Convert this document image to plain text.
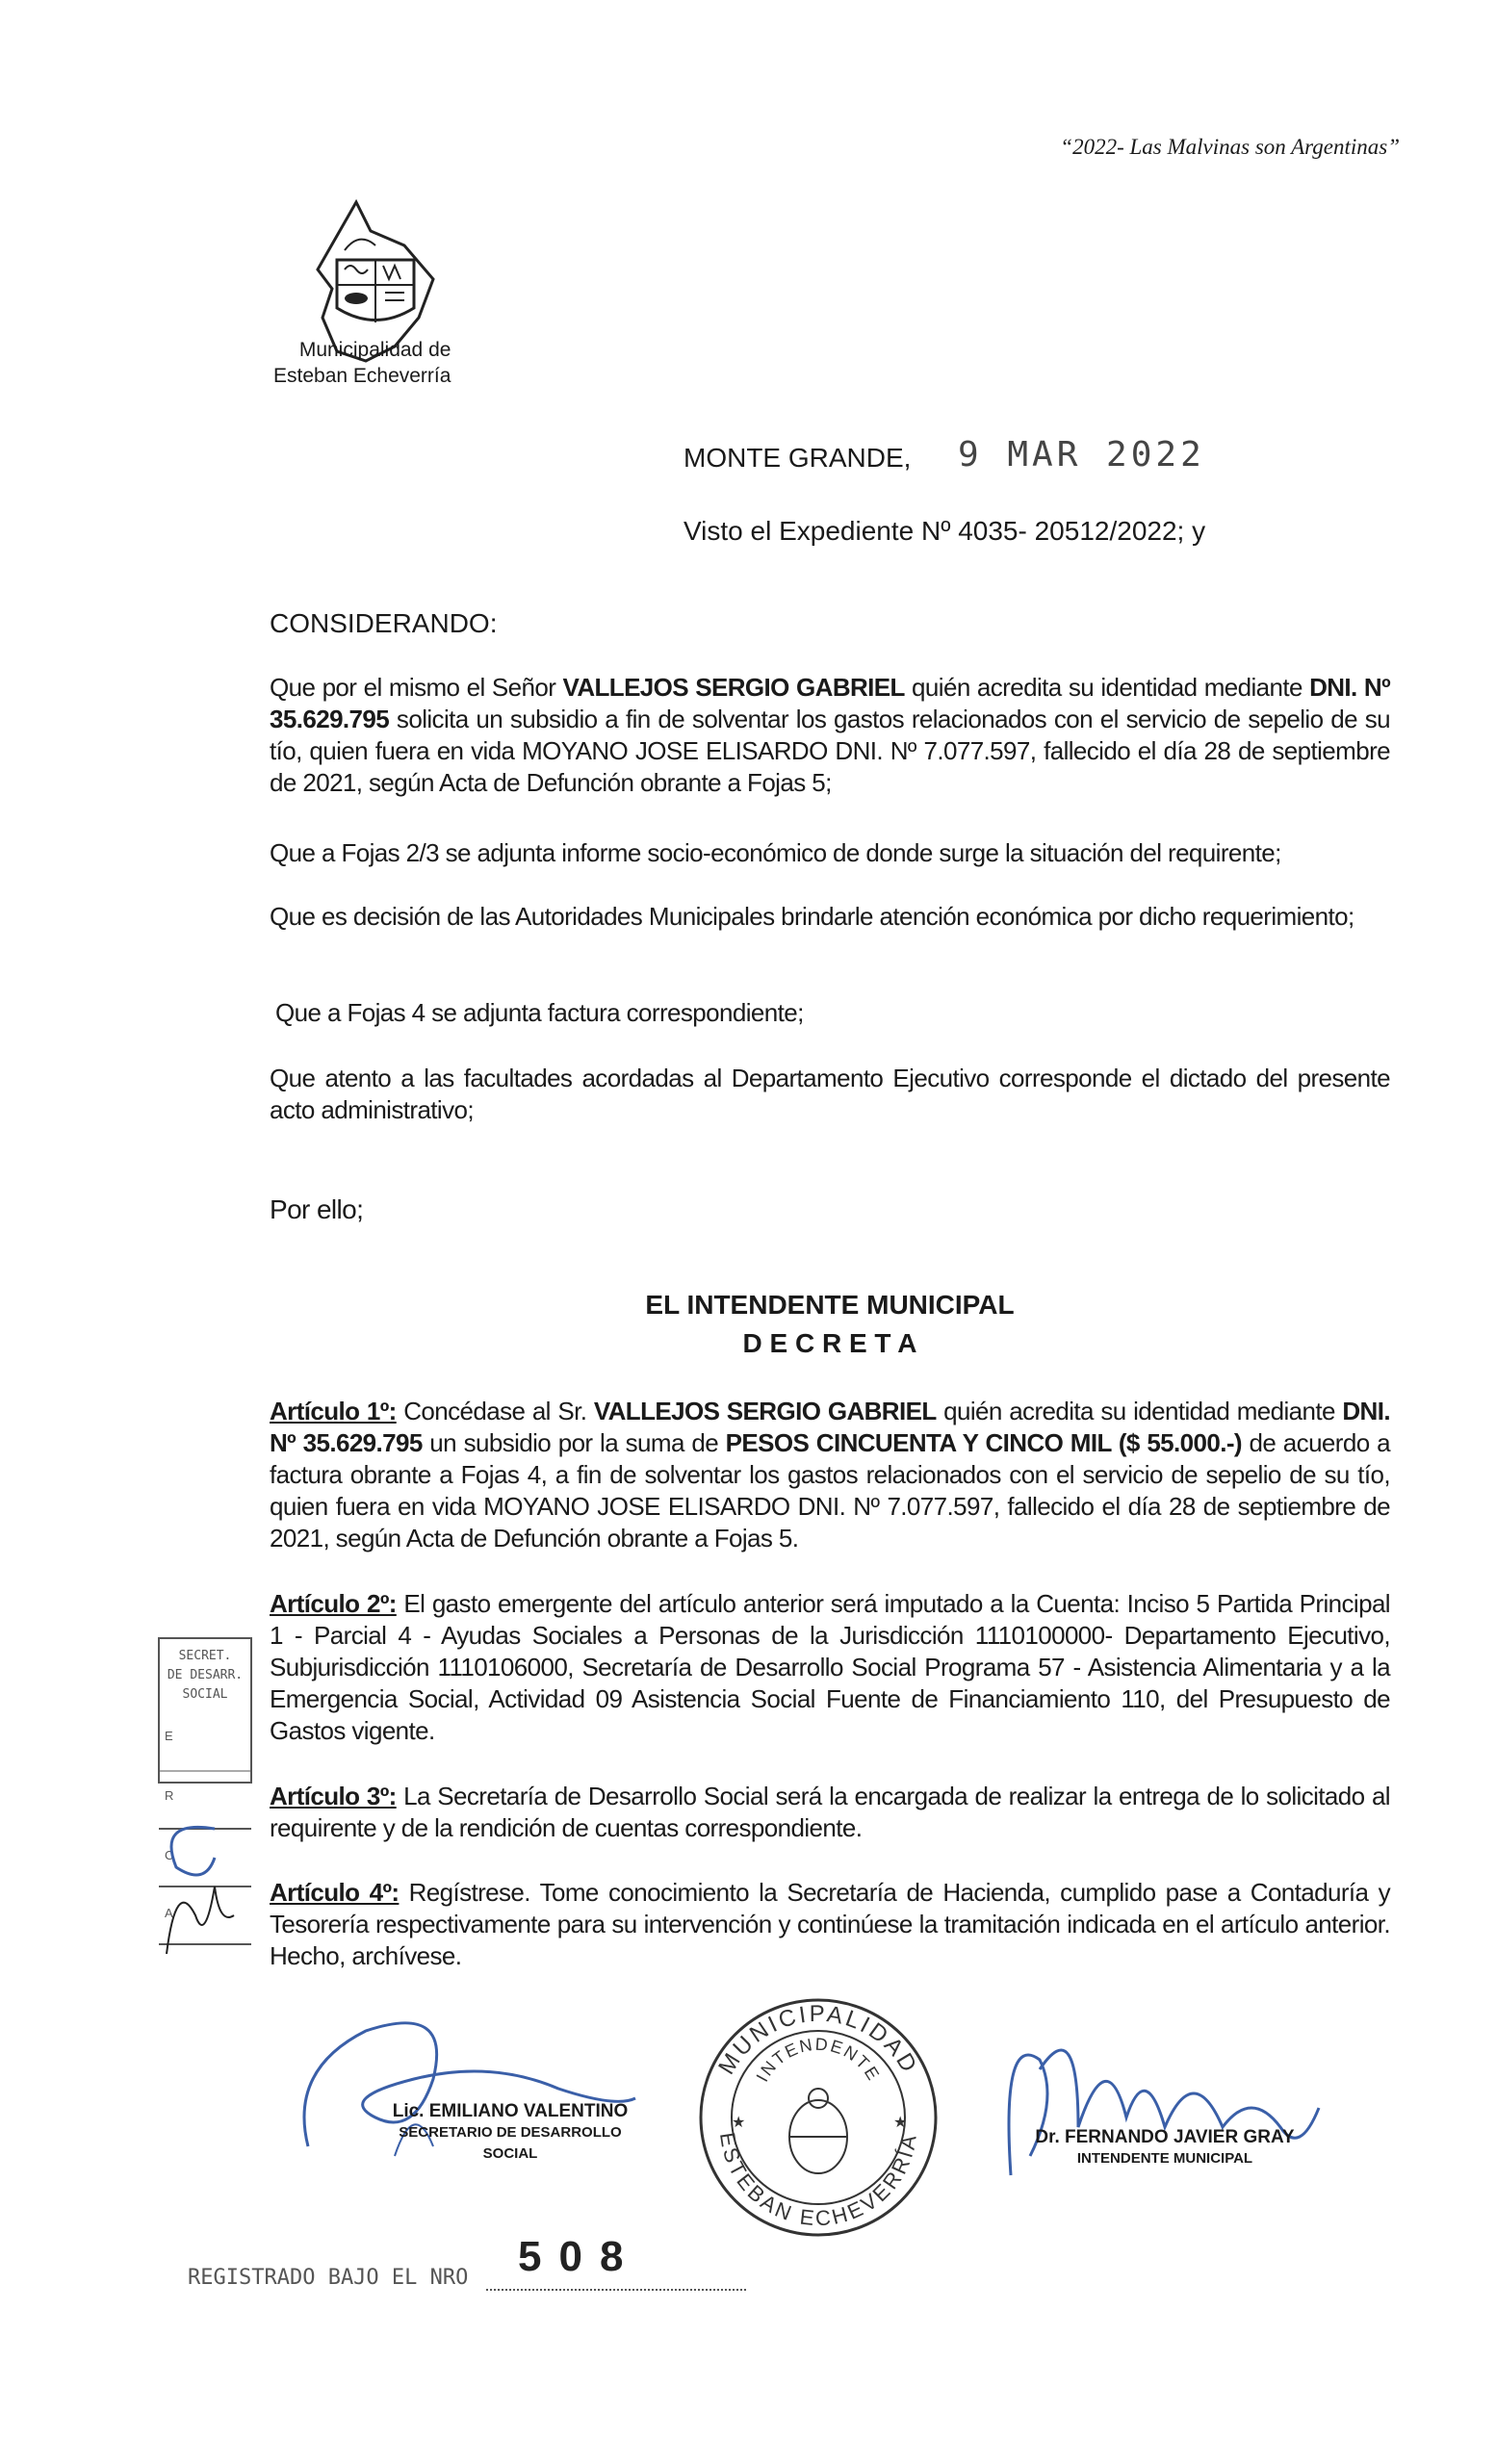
“2022- Las Malvinas son Argentinas”
Municipalidad de
Esteban Echeverría
MONTE GRANDE, 9 MAR 2022
Visto el Expediente Nº 4035- 20512/2022; y
CONSIDERANDO:
Que por el mismo el Señor VALLEJOS SERGIO GABRIEL quién acredita su identidad mediante DNI. Nº 35.629.795 solicita un subsidio a fin de solventar los gastos relacionados con el servicio de sepelio de su tío, quien fuera en vida MOYANO JOSE ELISARDO DNI. Nº 7.077.597, fallecido el día 28 de septiembre de 2021, según Acta de Defunción obrante a Fojas 5;
Que a Fojas 2/3 se adjunta informe socio-económico de donde surge la situación del requirente;
Que es decisión de las Autoridades Municipales brindarle atención económica por dicho requerimiento;
Que a Fojas 4 se adjunta factura correspondiente;
Que atento a las facultades acordadas al Departamento Ejecutivo corresponde el dictado del presente acto administrativo;
Por ello;
EL INTENDENTE MUNICIPAL
D E C R E T A
Artículo 1º: Concédase al Sr. VALLEJOS SERGIO GABRIEL quién acredita su identidad mediante DNI. Nº 35.629.795 un subsidio por la suma de PESOS CINCUENTA Y CINCO MIL ($ 55.000.-) de acuerdo a factura obrante a Fojas 4, a fin de solventar los gastos relacionados con el servicio de sepelio de su tío, quien fuera en vida MOYANO JOSE ELISARDO DNI. Nº 7.077.597, fallecido el día 28 de septiembre de 2021, según Acta de Defunción obrante a Fojas 5.
Artículo 2º: El gasto emergente del artículo anterior será imputado a la Cuenta: Inciso 5 Partida Principal 1 - Parcial 4 - Ayudas Sociales a Personas de la Jurisdicción 1110100000- Departamento Ejecutivo, Subjurisdicción 1110106000, Secretaría de Desarrollo Social Programa 57 - Asistencia Alimentaria y a la Emergencia Social, Actividad 09 Asistencia Social Fuente de Financiamiento 110, del Presupuesto de Gastos vigente.
Artículo 3º: La Secretaría de Desarrollo Social será la encargada de realizar la entrega de lo solicitado al requirente y de la rendición de cuentas correspondiente.
Artículo 4º: Regístrese. Tome conocimiento la Secretaría de Hacienda, cumplido pase a Contaduría y Tesorería respectivamente para su intervención y continúese la tramitación indicada en el artículo anterior. Hecho, archívese.
SECRET.
DE DESARR.
SOCIAL
E
R
C
A
Lic. EMILIANO VALENTINO
SECRETARIO DE DESARROLLO
SOCIAL
MUNICIPALIDAD
ESTEBAN ECHEVERRÍA
INTENDENTE
★	★
Dr. FERNANDO JAVIER GRAY
INTENDENTE MUNICIPAL
REGISTRADO BAJO EL NRO 508
